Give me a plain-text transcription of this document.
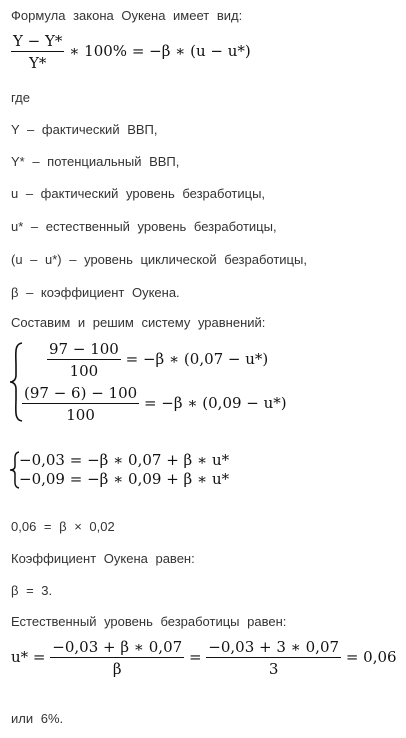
Формула закона Оукена имеет вид:
$\frac{Y - Y*}{Y*}$ ∗ 100% = −β ∗ (u − u*)
где
Y – фактический ВВП,
Y* – потенциальный ВВП,
u – фактический уровень безработицы,
u* – естественный уровень безработицы,
(u – u*) – уровень циклической безработицы,
β – коэффициент Оукена.
Составим и решим систему уравнений:
$\frac{97 - 100}{100} = -\beta$ ∗ (0,07 − u*)
$\frac{(97 - 6) - 100}{100} = -\beta$ ∗ (0,09 − u*)
−0,03 = −β ∗ 0,07 + β ∗ u*
−0,09 = −β ∗ 0,09 + β ∗ u*
0,06 = β × 0,02
Коэффициент Оукена равен:
β = 3.
Естественный уровень безработицы равен:
$u* = \frac{-0,03 + \beta ∗ 0,07}{\beta} = \frac{-0,03 + 3 ∗ 0,07}{3} = 0,06$
или 6%.
